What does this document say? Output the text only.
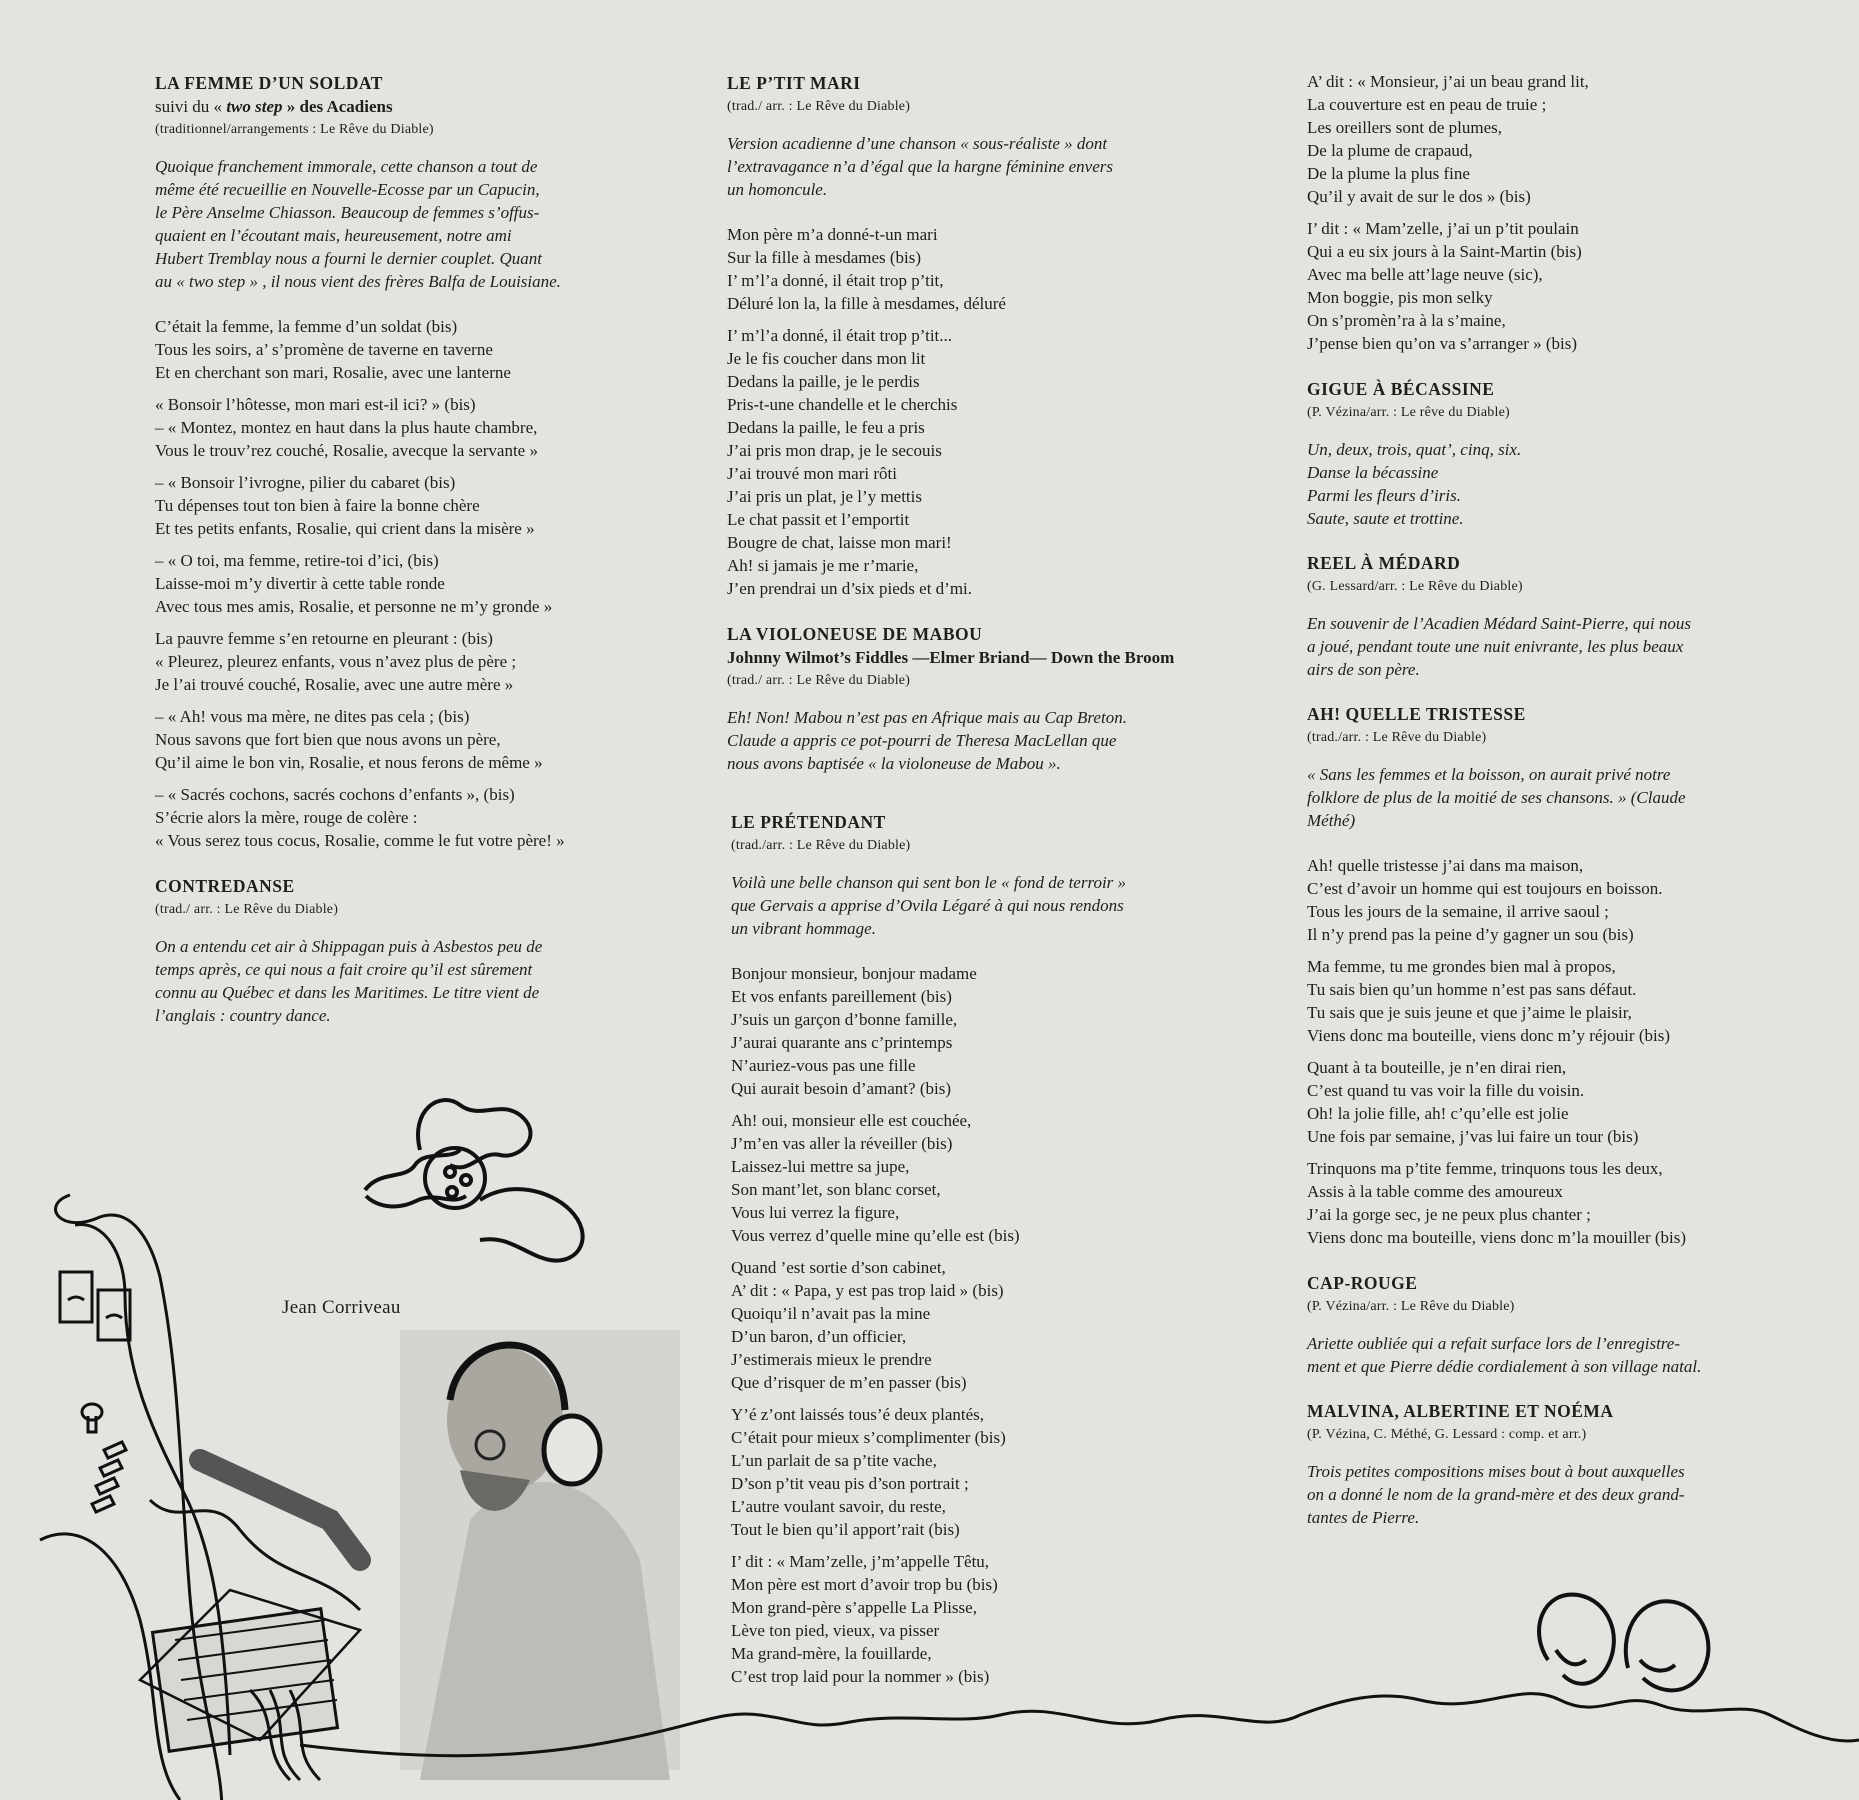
LA FEMME D’UN SOLDAT
suivi du « two step » des Acadiens
(traditionnel/arrangements : Le Rêve du Diable)

Quoique franchement immorale, cette chanson a tout de
même été recueillie en Nouvelle-Ecosse par un Capucin,
le Père Anselme Chiasson. Beaucoup de femmes s’offus-
quaient en l’écoutant mais, heureusement, notre ami
Hubert Tremblay nous a fourni le dernier couplet. Quant
au « two step » , il nous vient des frères Balfa de Louisiane.

C’était la femme, la femme d’un soldat (bis)
Tous les soirs, a’ s’promène de taverne en taverne
Et en cherchant son mari, Rosalie, avec une lanterne

« Bonsoir l’hôtesse, mon mari est-il ici? » (bis)
– « Montez, montez en haut dans la plus haute chambre,
Vous le trouv’rez couché, Rosalie, avecque la servante »

– « Bonsoir l’ivrogne, pilier du cabaret (bis)
Tu dépenses tout ton bien à faire la bonne chère
Et tes petits enfants, Rosalie, qui crient dans la misère »

– « O toi, ma femme, retire-toi d’ici, (bis)
Laisse-moi m’y divertir à cette table ronde
Avec tous mes amis, Rosalie, et personne ne m’y gronde »

La pauvre femme s’en retourne en pleurant : (bis)
« Pleurez, pleurez enfants, vous n’avez plus de père ;
Je l’ai trouvé couché, Rosalie, avec une autre mère »

– « Ah! vous ma mère, ne dites pas cela ; (bis)
Nous savons que fort bien que nous avons un père,
Qu’il aime le bon vin, Rosalie, et nous ferons de même »

– « Sacrés cochons, sacrés cochons d’enfants », (bis)
S’écrie alors la mère, rouge de colère :
« Vous serez tous cocus, Rosalie, comme le fut votre père! »

CONTREDANSE
(trad./ arr. : Le Rêve du Diable)

On a entendu cet air à Shippagan puis à Asbestos peu de
temps après, ce qui nous a fait croire qu’il est sûrement
connu au Québec et dans les Maritimes. Le titre vient de
l’anglais : country dance.

Jean Corriveau
LE P’TIT MARI
(trad./ arr. : Le Rêve du Diable)

Version acadienne d’une chanson « sous-réaliste » dont
l’extravagance n’a d’égal que la hargne féminine envers
un homoncule.

Mon père m’a donné-t-un mari
Sur la fille à mesdames (bis)
I’ m’l’a donné, il était trop p’tit,
Déluré lon la, la fille à mesdames, déluré

I’ m’l’a donné, il était trop p’tit...
Je le fis coucher dans mon lit
Dedans la paille, je le perdis
Pris-t-une chandelle et le cherchis
Dedans la paille, le feu a pris
J’ai pris mon drap, je le secouis
J’ai trouvé mon mari rôti
J’ai pris un plat, je l’y mettis
Le chat passit et l’emportit
Bougre de chat, laisse mon mari!
Ah! si jamais je me r’marie,
J’en prendrai un d’six pieds et d’mi.

LA VIOLONEUSE DE MABOU
Johnny Wilmot’s Fiddles —Elmer Briand— Down the Broom
(trad./ arr. : Le Rêve du Diable)

Eh! Non! Mabou n’est pas en Afrique mais au Cap Breton.
Claude a appris ce pot-pourri de Theresa MacLellan que
nous avons baptisée « la violoneuse de Mabou ».

LE PRÉTENDANT
(trad./arr. : Le Rêve du Diable)

Voilà une belle chanson qui sent bon le « fond de terroir »
que Gervais a apprise d’Ovila Légaré à qui nous rendons
un vibrant hommage.

Bonjour monsieur, bonjour madame
Et vos enfants pareillement (bis)
J’suis un garçon d’bonne famille,
J’aurai quarante ans c’printemps
N’auriez-vous pas une fille
Qui aurait besoin d’amant? (bis)

Ah! oui, monsieur elle est couchée,
J’m’en vas aller la réveiller (bis)
Laissez-lui mettre sa jupe,
Son mant’let, son blanc corset,
Vous lui verrez la figure,
Vous verrez d’quelle mine qu’elle est (bis)

Quand ’est sortie d’son cabinet,
A’ dit : « Papa, y est pas trop laid » (bis)
Quoiqu’il n’avait pas la mine
D’un baron, d’un officier,
J’estimerais mieux le prendre
Que d’risquer de m’en passer (bis)

Y’é z’ont laissés tous’é deux plantés,
C’était pour mieux s’complimenter (bis)
L’un parlait de sa p’tite vache,
D’son p’tit veau pis d’son portrait ;
L’autre voulant savoir, du reste,
Tout le bien qu’il apport’rait (bis)

I’ dit : « Mam’zelle, j’m’appelle Têtu,
Mon père est mort d’avoir trop bu (bis)
Mon grand-père s’appelle La Plisse,
Lève ton pied, vieux, va pisser
Ma grand-mère, la fouillarde,
C’est trop laid pour la nommer » (bis)

A’ dit : « Monsieur, j’ai un beau grand lit,
La couverture est en peau de truie ;
Les oreillers sont de plumes,
De la plume de crapaud,
De la plume la plus fine
Qu’il y avait de sur le dos » (bis)

I’ dit : « Mam’zelle, j’ai un p’tit poulain
Qui a eu six jours à la Saint-Martin (bis)
Avec ma belle att’lage neuve (sic),
Mon boggie, pis mon selky
On s’promèn’ra à la s’maine,
J’pense bien qu’on va s’arranger » (bis)

GIGUE À BÉCASSINE
(P. Vézina/arr. : Le rêve du Diable)

Un, deux, trois, quat’, cinq, six.
Danse la bécassine
Parmi les fleurs d’iris.
Saute, saute et trottine.

REEL À MÉDARD
(G. Lessard/arr. : Le Rêve du Diable)

En souvenir de l’Acadien Médard Saint-Pierre, qui nous
a joué, pendant toute une nuit enivrante, les plus beaux
airs de son père.

AH! QUELLE TRISTESSE
(trad./arr. : Le Rêve du Diable)

« Sans les femmes et la boisson, on aurait privé notre
folklore de plus de la moitié de ses chansons. » (Claude
Méthé)

Ah! quelle tristesse j’ai dans ma maison,
C’est d’avoir un homme qui est toujours en boisson.
Tous les jours de la semaine, il arrive saoul ;
Il n’y prend pas la peine d’y gagner un sou (bis)

Ma femme, tu me grondes bien mal à propos,
Tu sais bien qu’un homme n’est pas sans défaut.
Tu sais que je suis jeune et que j’aime le plaisir,
Viens donc ma bouteille, viens donc m’y réjouir (bis)

Quant à ta bouteille, je n’en dirai rien,
C’est quand tu vas voir la fille du voisin.
Oh! la jolie fille, ah! c’qu’elle est jolie
Une fois par semaine, j’vas lui faire un tour (bis)

Trinquons ma p’tite femme, trinquons tous les deux,
Assis à la table comme des amoureux
J’ai la gorge sec, je ne peux plus chanter ;
Viens donc ma bouteille, viens donc m’la mouiller (bis)

CAP-ROUGE
(P. Vézina/arr. : Le Rêve du Diable)

Ariette oubliée qui a refait surface lors de l’enregistre-
ment et que Pierre dédie cordialement à son village natal.

MALVINA, ALBERTINE ET NOÉMA
(P. Vézina, C. Méthé, G. Lessard : comp. et arr.)

Trois petites compositions mises bout à bout auxquelles
on a donné le nom de la grand-mère et des deux grand-
tantes de Pierre.
